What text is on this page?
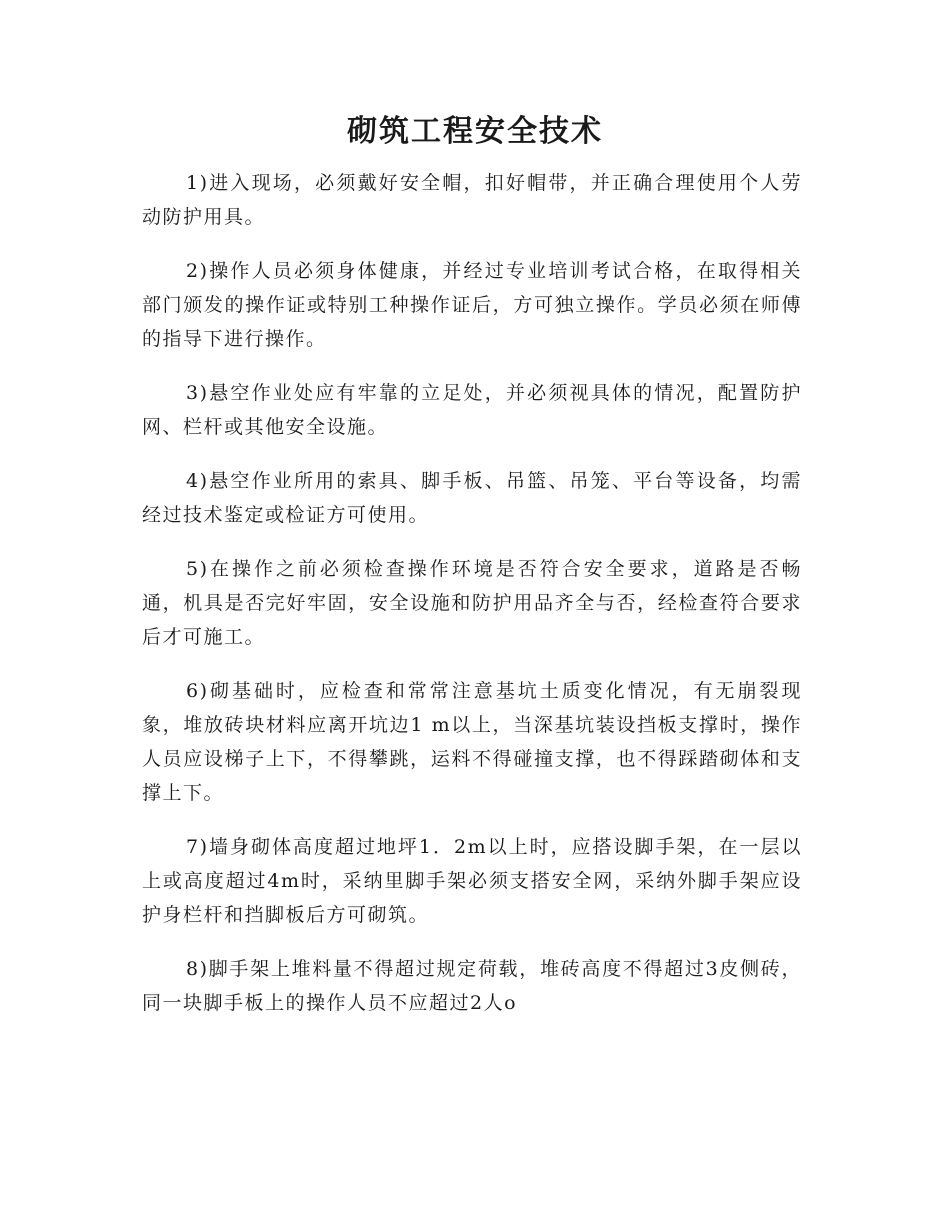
砌筑工程安全技术

1)进入现场，必须戴好安全帽，扣好帽带，并正确合理使用个人劳动防护用具。

2)操作人员必须身体健康，并经过专业培训考试合格，在取得相关部门颁发的操作证或特别工种操作证后，方可独立操作。学员必须在师傅的指导下进行操作。

3)悬空作业处应有牢靠的立足处，并必须视具体的情况，配置防护网、栏杆或其他安全设施。

4)悬空作业所用的索具、脚手板、吊篮、吊笼、平台等设备，均需经过技术鉴定或检证方可使用。

5)在操作之前必须检查操作环境是否符合安全要求，道路是否畅通，机具是否完好牢固，安全设施和防护用品齐全与否，经检查符合要求后才可施工。

6)砌基础时，应检查和常常注意基坑土质变化情况，有无崩裂现象，堆放砖块材料应离开坑边1 m以上，当深基坑装设挡板支撑时，操作人员应设梯子上下，不得攀跳，运料不得碰撞支撑，也不得踩踏砌体和支撑上下。

7)墙身砌体高度超过地坪1．2m以上时，应搭设脚手架，在一层以上或高度超过4m时，采纳里脚手架必须支搭安全网，采纳外脚手架应设护身栏杆和挡脚板后方可砌筑。

8)脚手架上堆料量不得超过规定荷载，堆砖高度不得超过3皮侧砖，同一块脚手板上的操作人员不应超过2人o
